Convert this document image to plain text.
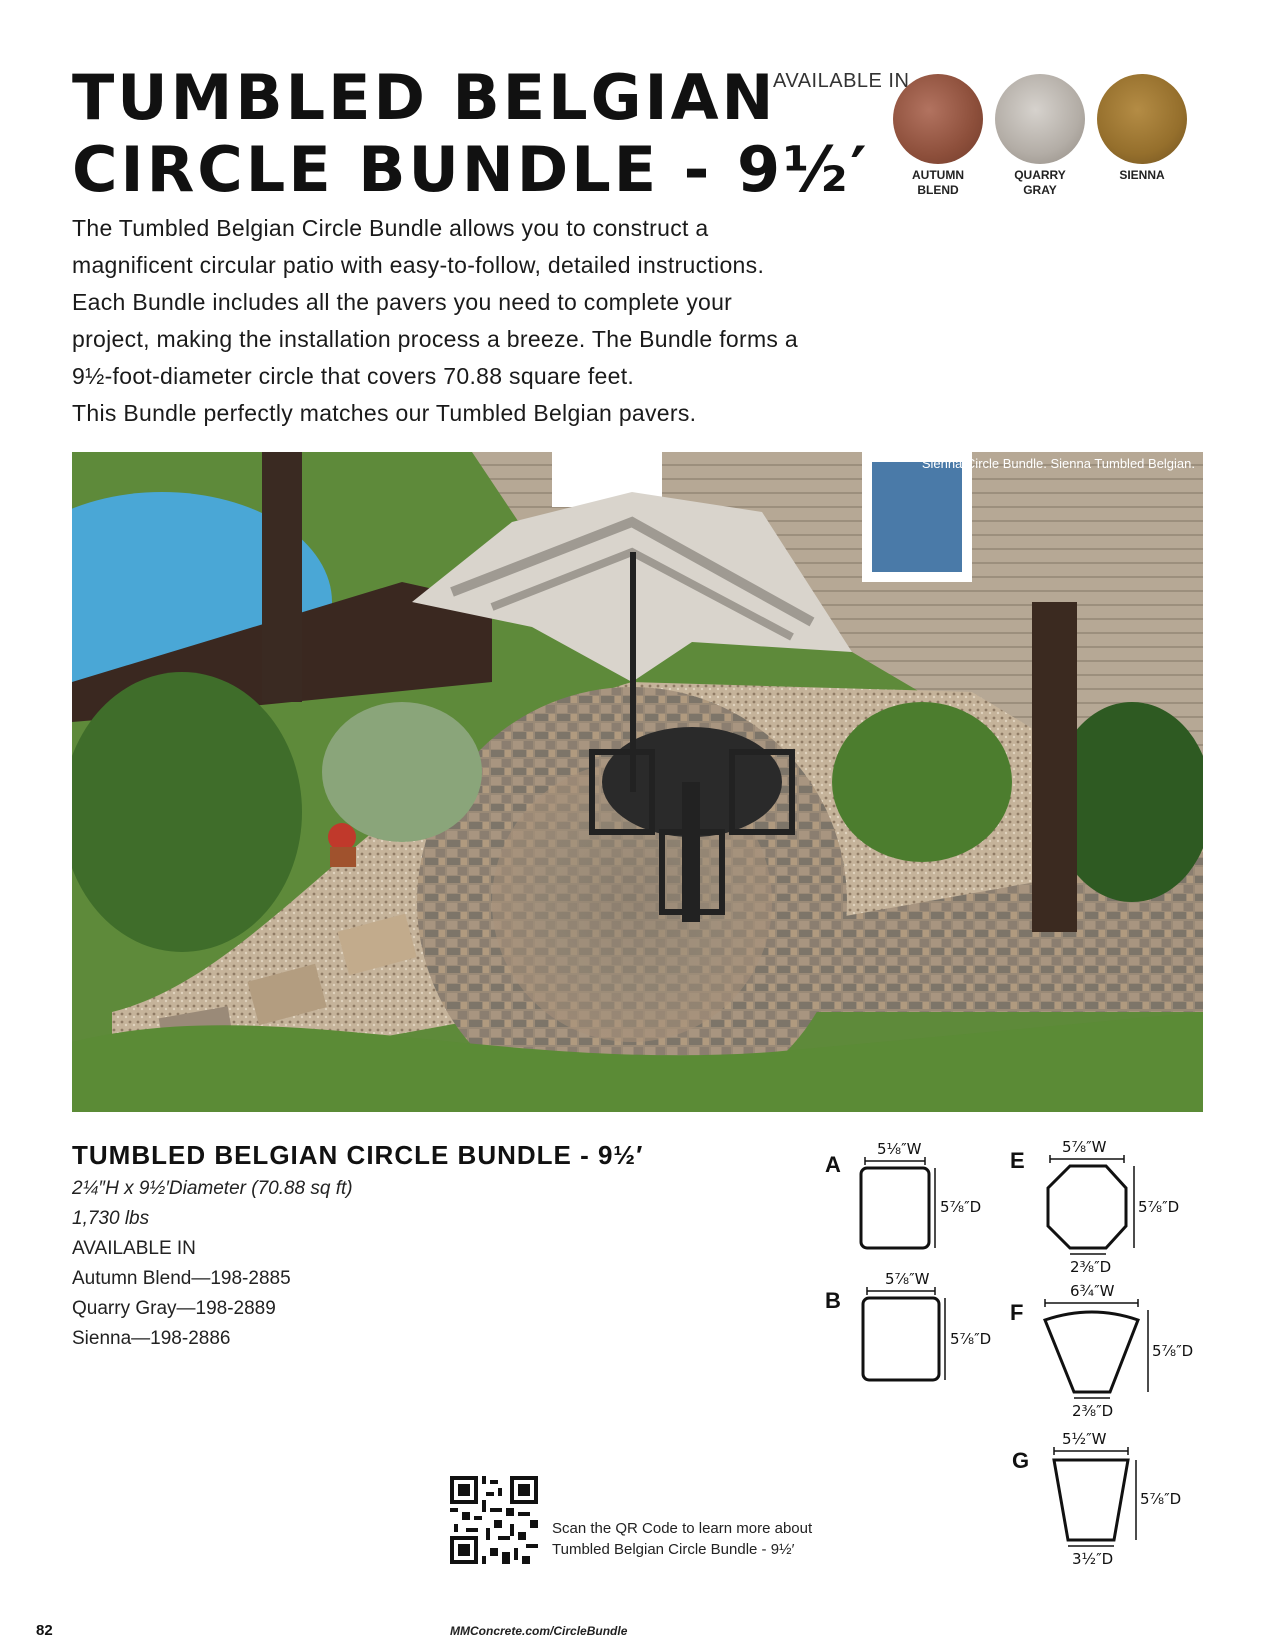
TUMBLED BELGIAN
CIRCLE BUNDLE - 9½′
AVAILABLE IN
AUTUMN
BLEND
QUARRY
GRAY
SIENNA

The Tumbled Belgian Circle Bundle allows you to construct a

magnificent circular patio with easy-to-follow, detailed instructions.

Each Bundle includes all the pavers you need to complete your

project, making the installation process a breeze. The Bundle forms a

9½-foot-diameter circle that covers 70.88 square feet.

This Bundle perfectly matches our Tumbled Belgian pavers.

Sienna Circle Bundle. Sienna Tumbled Belgian.
TUMBLED BELGIAN CIRCLE BUNDLE - 9½′
2¼″H x 9½′Diameter (70.88 sq ft)
1,730 lbs
AVAILABLE IN
Autumn Blend—198-2885
Quarry Gray—198-2889
Sienna—198-2886
A
5⅛″W
5⅞″D
B
5⅞″W
5⅞″D
E
5⅞″W
5⅞″D
2⅜″D
F
6¾″W
5⅞″D
2⅜″D
G
5½″W
5⅞″D
3½″D
Scan the QR Code to learn more about
Tumbled Belgian Circle Bundle - 9½′
MMConcrete.com/CircleBundle
82
